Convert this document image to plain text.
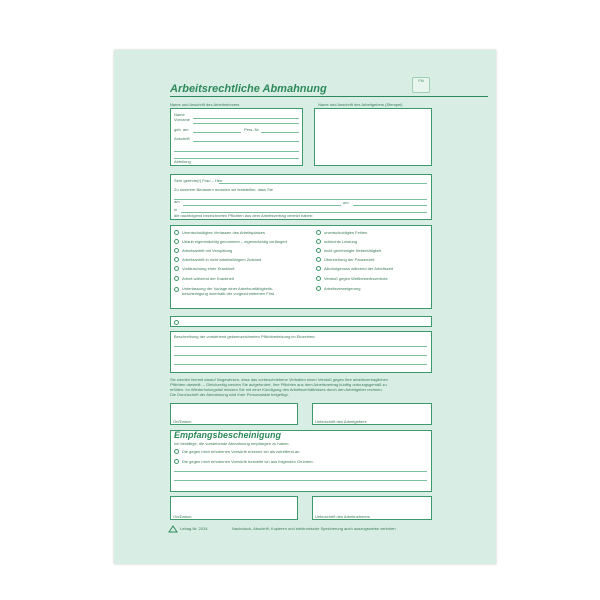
FN
Arbeitsrechtliche Abmahnung
Name und Anschrift des Arbeitnehmers	Name und Anschrift des Arbeitgebers (Stempel)
Name
Vorname
geb. am	Pers.-Nr.
Anschrift
Abteilung
Sehr geehrte(r) Frau – Herr
Zu unserem Bedauern mussten wir feststellen, dass Sie
am	um
in
die nachfolgend bezeichneten Pflichten aus dem Arbeitsvertrag verletzt haben:
Unentschuldigtes Verlassen des Arbeitsplatzes
Urlaub eigenmächtig genommen – eigenmächtig verlängert
Arbeitsantritt mit Verspätung
Arbeitsantritt in nicht arbeitsfähigem Zustand
Vortäuschung einer Krankheit
Arbeit während der Krankheit
Unterlassung der Vorlage einer Arbeitsunfähigkeits-
bescheinigung innerhalb der vorgeschriebenen Frist
unentschuldigtes Fehlen
schlechte Leistung
nicht genehmigte Nebentätigkeit
Überziehung der Pausenzeit
Alkoholgenuss während der Arbeitszeit
Verstoß gegen Wettbewerbsverbote
Arbeitsverweigerung
Beschreibung der vorstehend gekennzeichneten Pflichtverletzung im Einzelnen:
Sie werden hiermit darauf hingewiesen, dass das vorbeschriebene Verhalten einen Verstoß gegen Ihre arbeitsvertraglichen
Pflichten darstellt. – Gleichzeitig werden Sie aufgefordert, Ihre Pflichten aus dem Arbeitsvertrag künftig ordnungsgemäß zu
erfüllen. Im Wiederholungsfall müssen Sie mit einer Kündigung des Arbeitsverhältnisses durch den Arbeitgeber rechnen.
Die Durchschrift der Abmahnung wird Ihrer Personalakte beigefügt.
Ort/Datum	Unterschrift des Arbeitgebers
Empfangsbescheinigung
Ich bestätige, die vorstehende Abmahnung empfangen zu haben.
Die gegen mich erhobenen Vorwürfe erkenne ich als zutreffend an.
Die gegen mich erhobenen Vorwürfe bestreite ich aus folgenden Gründen:
Ort/Datum	Unterschrift des Arbeitnehmers
Lebag-Nr. 2034	Nachdruck, Abschrift, Kopieren und elektronische Speicherung auch auszugsweise verboten
